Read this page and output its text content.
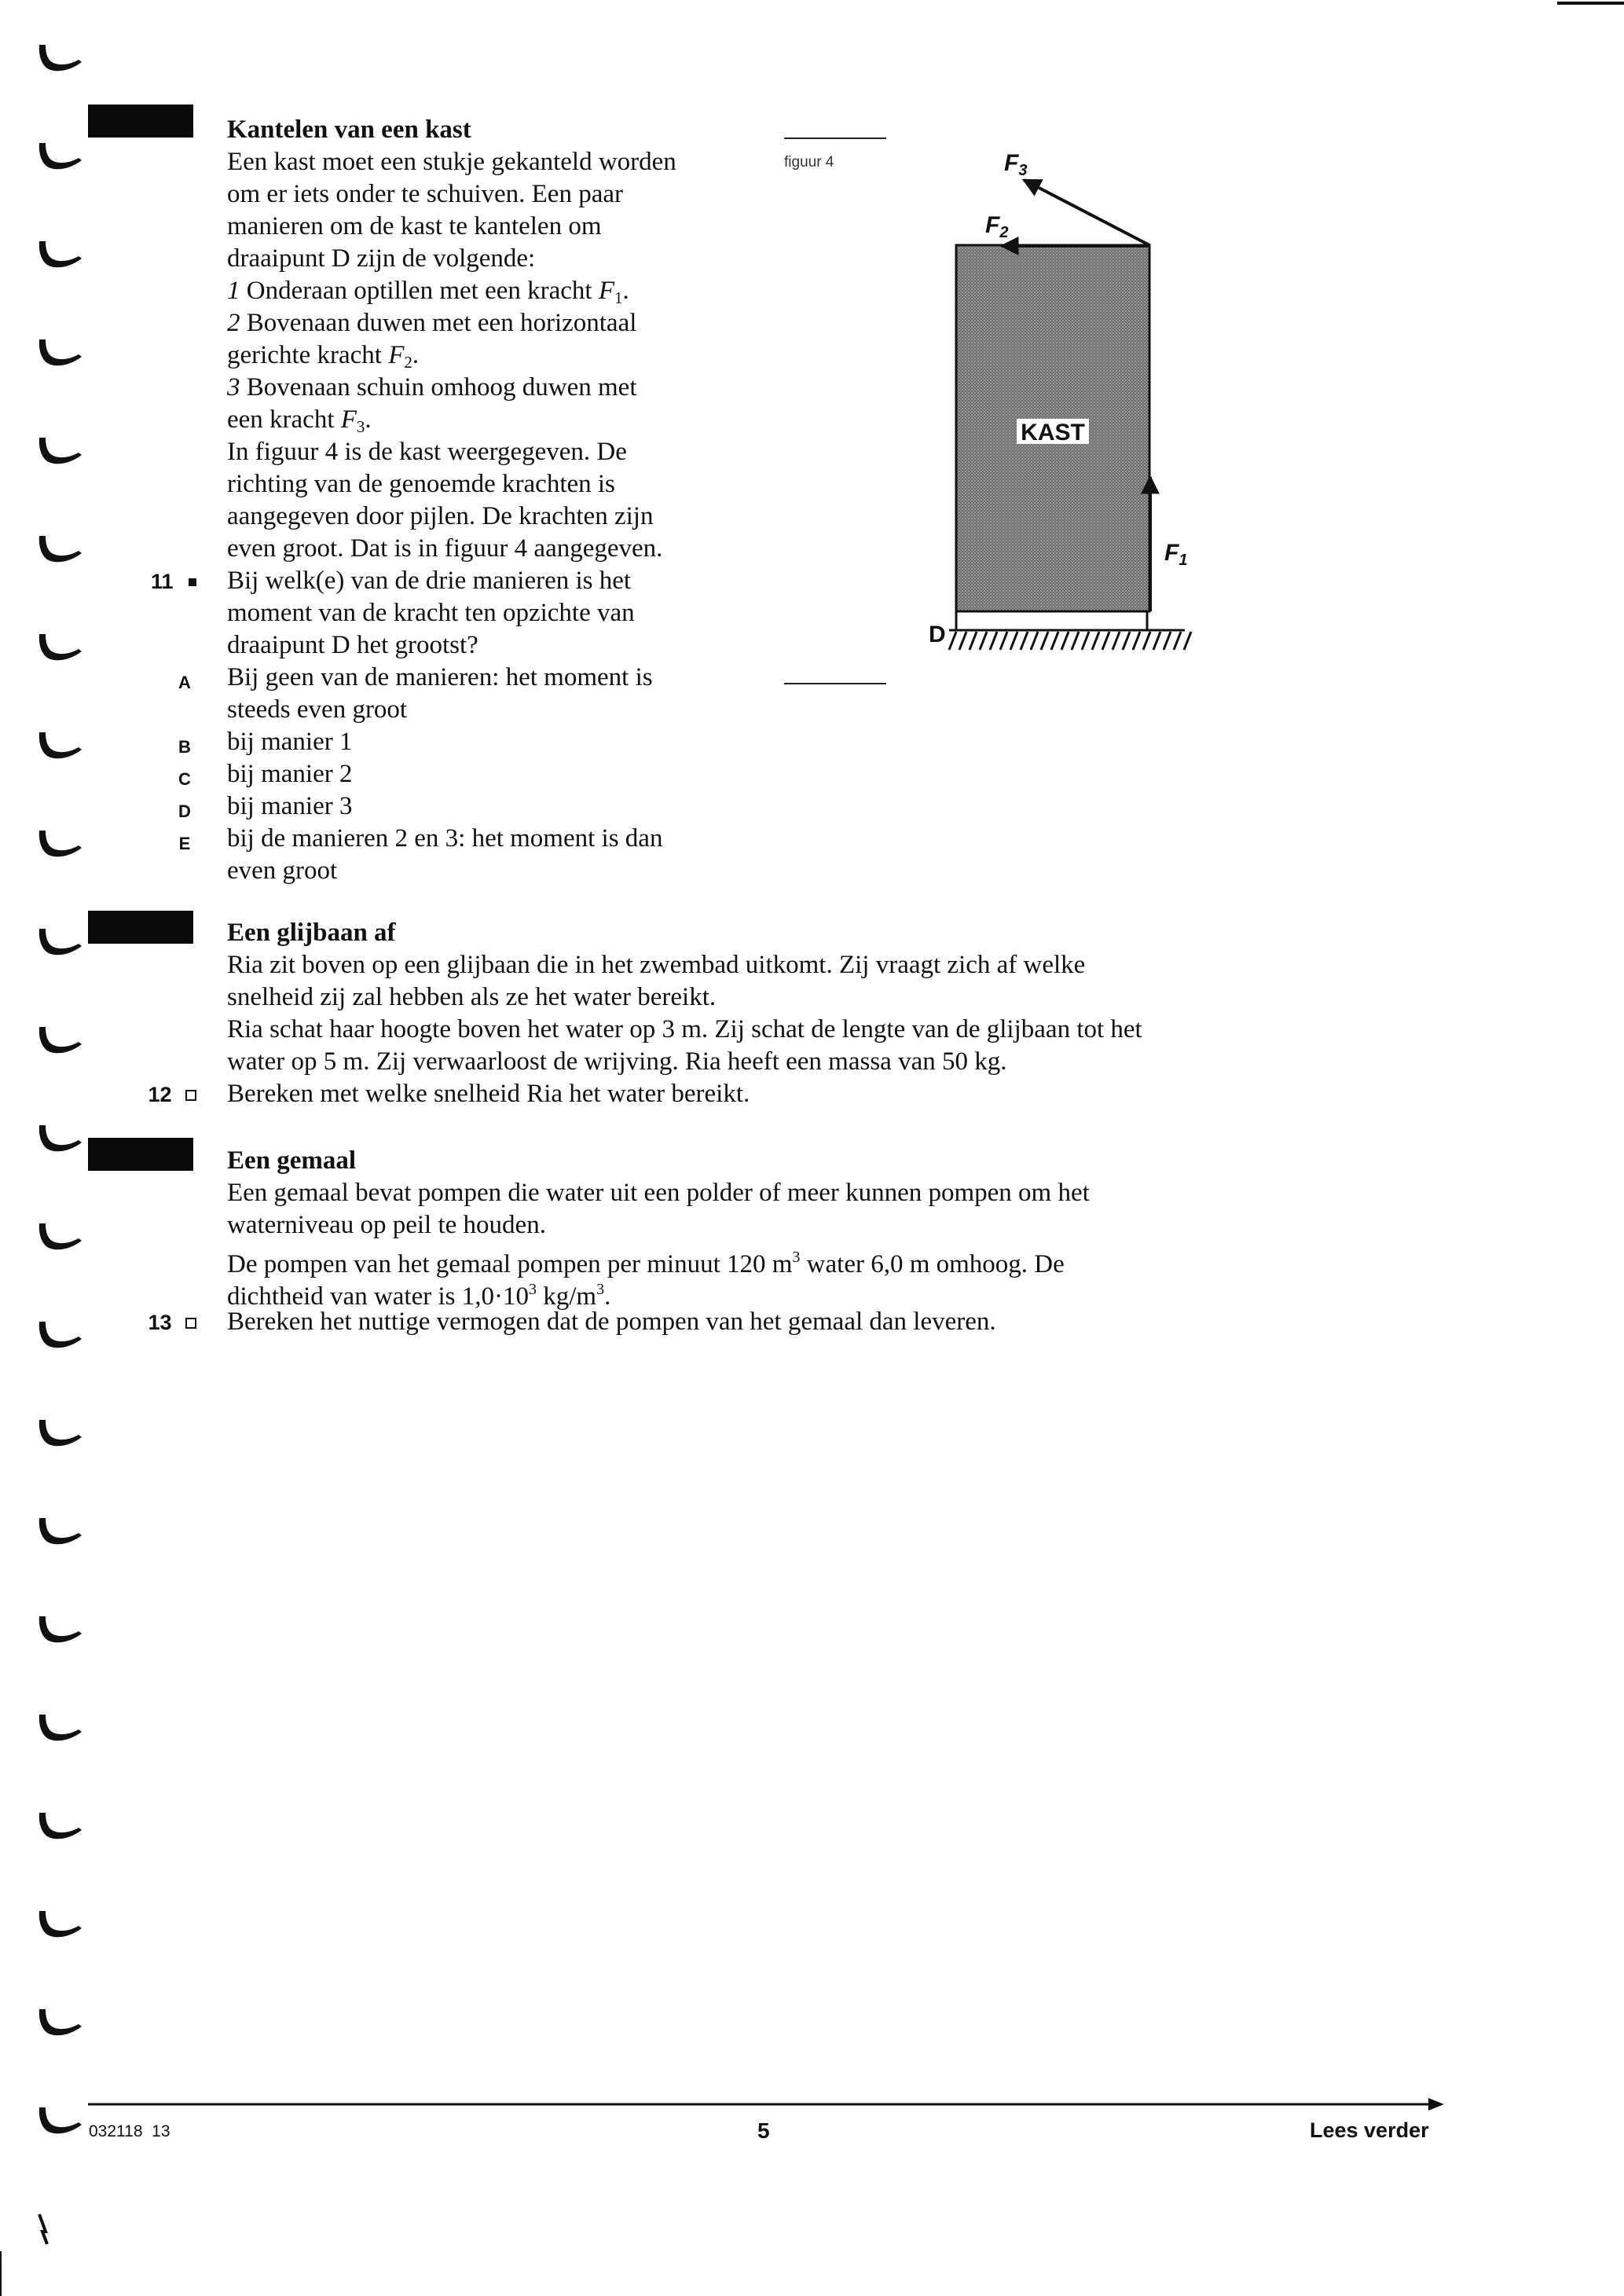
Kantelen van een kast
Een kast moet een stukje gekanteld worden
om er iets onder te schuiven. Een paar
manieren om de kast te kantelen om
draaipunt D zijn de volgende:
1 Onderaan optillen met een kracht $F_1$.
2 Bovenaan duwen met een horizontaal
gerichte kracht $F_2$.
3 Bovenaan schuin omhoog duwen met
een kracht $F_3$.
In figuur 4 is de kast weergegeven. De
richting van de genoemde krachten is
aangegeven door pijlen. De krachten zijn
even groot. Dat is in figuur 4 aangegeven.
11	Bij welk(e) van de drie manieren is het
moment van de kracht ten opzichte van
draaipunt D het grootst?
A Bij geen van de manieren: het moment is
steeds even groot
B bij manier 1
C bij manier 2
D bij manier 3
E bij de manieren 2 en 3: het moment is dan
even groot
figuur 4
KAST
D
$F_1$
$F_2$
$F_3$
Een glijbaan af
Ria zit boven op een glijbaan die in het zwembad uitkomt. Zij vraagt zich af welke
snelheid zij zal hebben als ze het water bereikt.
Ria schat haar hoogte boven het water op 3 m. Zij schat de lengte van de glijbaan tot het
water op 5 m. Zij verwaarloost de wrijving. Ria heeft een massa van 50 kg.
12	Bereken met welke snelheid Ria het water bereikt.
Een gemaal
Een gemaal bevat pompen die water uit een polder of meer kunnen pompen om het
waterniveau op peil te houden.
De pompen van het gemaal pompen per minuut 120 $m^3$ water 6,0 m omhoog. De
dichtheid van water is $1,0\cdot 10^3$ $kg/m^3$.
13	Bereken het nuttige vermogen dat de pompen van het gemaal dan leveren.
032118  13	5	Lees verder
